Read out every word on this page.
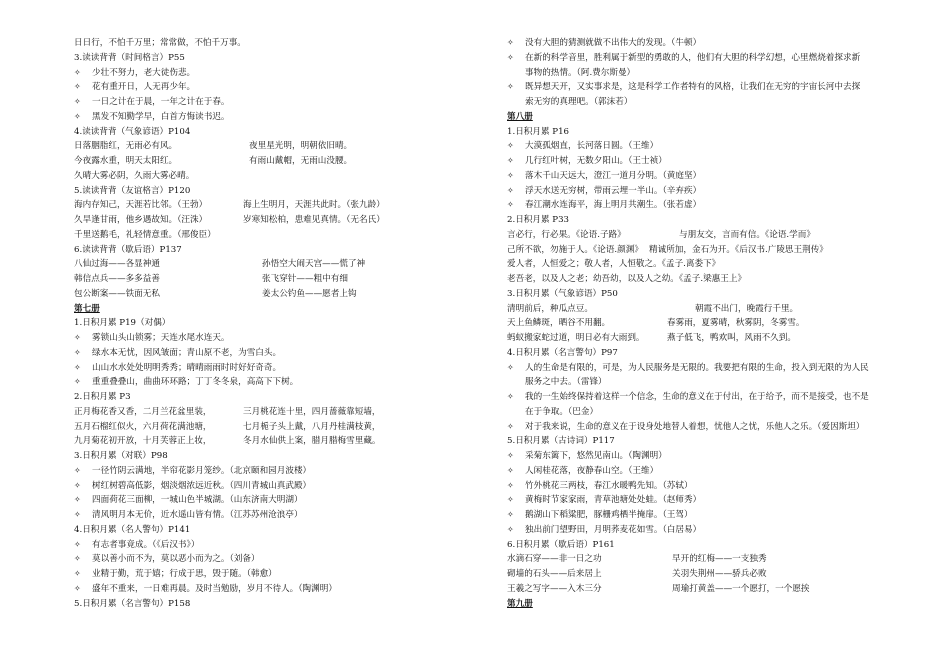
日日行，不怕千万里；常常做，不怕千万事。
3.读读背背（时间格言）P55
✧ 少壮不努力，老大徒伤悲。
✧ 花有重开日，人无再少年。
✧ 一日之计在于晨，一年之计在于春。
✧ 黑发不知勤学早，白首方悔读书迟。
4.读读背背（气象谚语）P104
日落胭脂红，无雨必有风。	夜里星光明，明朝依旧晴。
今夜露水重，明天太阳红。	有雨山戴帽，无雨山没腰。
久晴大雾必阴，久雨大雾必晴。
5.读读背背（友谊格言）P120
海内存知己，天涯若比邻。（王勃）	海上生明月，天涯共此时。（张九龄）
久旱逢甘雨，他乡遇故知。（汪洙）	岁寒知松柏，患难见真情。（无名氏）
千里送鹅毛，礼轻情意重。（邢俊臣）
6.读读背背（歇后语）P137
八仙过海——各显神通	孙悟空大闹天宫——慌了神
韩信点兵——多多益善	张飞穿针——粗中有细
包公断案——铁面无私	姜太公钓鱼——愿者上钩
第七册
1.日积月累 P19（对偶）
✧ 雾锁山头山锁雾；天连水尾水连天。
✧ 绿水本无忧，因风皱面；青山原不老，为雪白头。
✧ 山山水水处处明明秀秀；晴晴雨雨时时好好奇奇。
✧ 重重叠叠山，曲曲环环路；丁丁冬冬泉，高高下下树。
2.日积月累 P3
正月梅花香又香，二月兰花盆里装，	三月桃花连十里，四月蔷薇靠短墙，
五月石榴红似火，六月荷花满池塘，	七月栀子头上戴，八月丹桂满枝黄，
九月菊花初开放，十月芙蓉正上妆，	冬月水仙供上案，腊月腊梅雪里藏。
3.日积月累（对联）P98
✧ 一径竹阴云满地，半帘花影月笼纱。（北京颐和园月波楼）
✧ 树红树碧高低影，烟淡烟浓远近秋。（四川青城山真武殿）
✧ 四面荷花三面柳，一城山色半城湖。（山东济南大明湖）
✧ 清风明月本无价，近水遥山皆有情。（江苏苏州沧浪亭）
4.日积月累（名人警句）P141
✧ 有志者事竟成。（《后汉书》）
✧ 莫以善小而不为，莫以恶小而为之。（刘备）
✧ 业精于勤，荒于嬉；行成于思，毁于随。（韩愈）
✧ 盛年不重来，一日难再晨。及时当勉励，岁月不待人。（陶渊明）
5.日积月累（名言警句）P158
✧ 没有大胆的猜测就做不出伟大的发现。（牛顿）
✧ 在新的科学音里，胜利属于新型的勇敢的人，他们有大胆的科学幻想，心里燃烧着探求新
事物的热情。（阿.费尔斯曼）
✧ 既异想天开，又实事求是，这是科学工作者特有的风格，让我们在无穷的宇宙长河中去探
索无穷的真理吧。（郭沫若）
第八册
1.日积月累 P16
✧ 大漠孤烟直，长河落日圆。（王维）
✧ 几行红叶树，无数夕阳山。（王士祯）
✧ 落木千山天远大，澄江一道月分明。（黄庭坚）
✧ 浮天水送无穷树，带雨云埋一半山。（辛弃疾）
✧ 春江潮水连海平，海上明月共潮生。（张若虚）
2.日积月累 P33
言必行，行必果。《论语.子路》	与朋友交，言而有信。《论语.学而》
己所不欲，勿施于人。《论语.颜渊》 精诚所加，金石为开。《后汉书.广陵思王荆传》
爱人者，人恒爱之；敬人者，人恒敬之。《孟子.离娄下》
老吾老，以及人之老；幼吾幼，以及人之幼。《孟子.梁惠王上》
3.日积月累（气象谚语）P50
清明前后，种瓜点豆。	朝霞不出门，晚霞行千里。
天上鱼鳞斑，晒谷不用翻。	春雾雨，夏雾晴，秋雾阴，冬雾雪。
蚂蚁搬家蛇过道，明日必有大雨到。	燕子低飞，鸭欢叫，风雨不久到。
4.日积月累（名言警句）P97
✧ 人的生命是有限的，可是，为人民服务是无限的。我要把有限的生命，投入到无限的为人民
服务之中去。（雷锋）
✧ 我的一生始终保持着这样一个信念，生命的意义在于付出，在于给予，而不是接受，也不是
在于争取。（巴金）
✧ 对于我来说，生命的意义在于设身处地替人着想，忧他人之忧，乐他人之乐。（爱因斯坦）
5.日积月累（古诗词）P117
✧ 采菊东篱下，悠然见南山。（陶渊明）
✧ 人闲桂花落，夜静春山空。（王维）
✧ 竹外桃花三两枝，春江水暖鸭先知。（苏轼）
✧ 黄梅时节家家雨，青草池塘处处蛙。（赵师秀）
✧ 鹅湖山下稻粱肥，豚栅鸡栖半掩扉。（王驾）
✧ 独出前门望野田，月明荞麦花如雪。（白居易）
6.日积月累（歇后语）P161
水滴石穿——非一日之功	早开的红梅——一支独秀
砌墙的石头——后来居上	关羽失荆州——骄兵必败
王羲之写字——入木三分	周瑜打黄盖——一个愿打，一个愿挨
第九册
